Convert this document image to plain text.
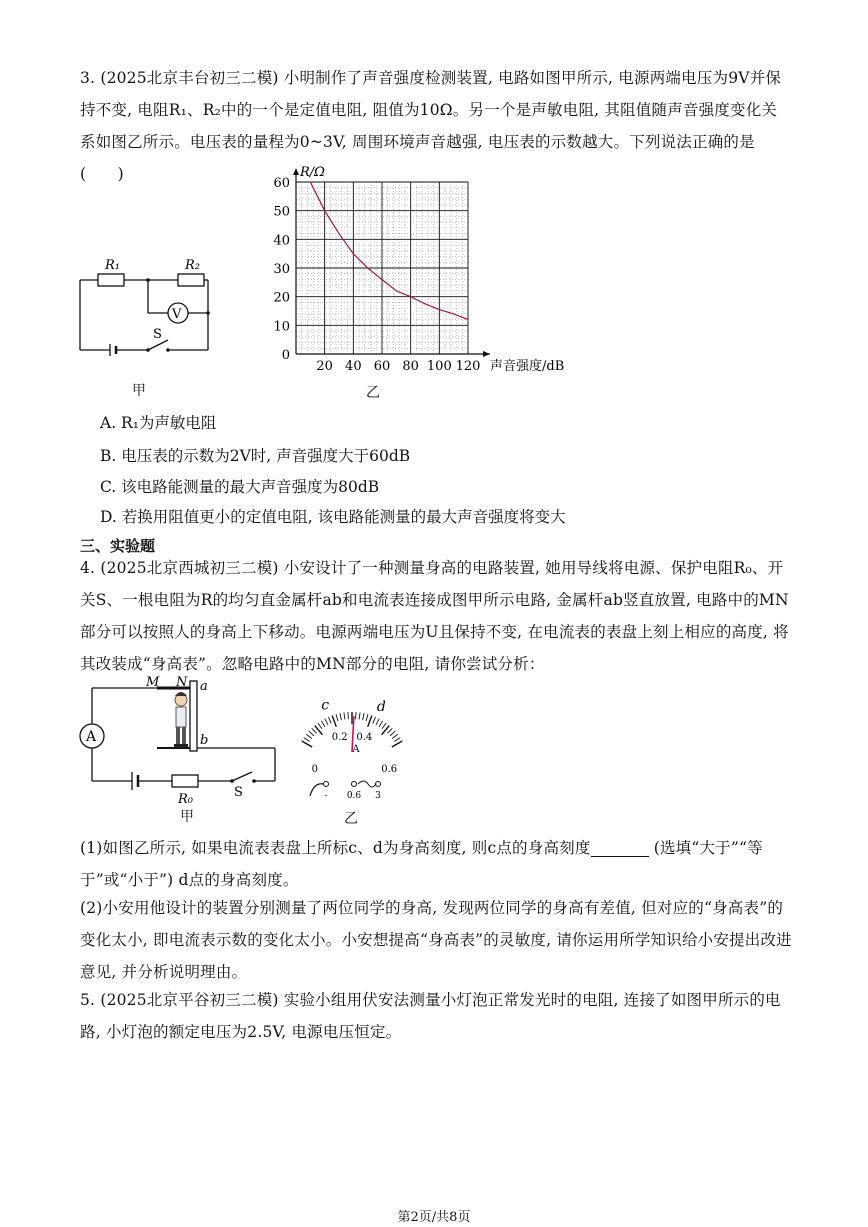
3. (2025北京丰台初三二模) 小明制作了声音强度检测装置, 电路如图甲所示, 电源两端电压为9V并保持不变, 电阻R₁、R₂中的一个是定值电阻, 阻值为10Ω。另一个是声敏电阻, 其阻值随声音强度变化关系如图乙所示。电压表的量程为0~3V, 周围环境声音越强, 电压表的示数越大。下列说法正确的是 (　　)
R₁	R₂
V
S
甲
R/Ω
声音强度/dB
20 40 60 80 100 120
0
10
20
30
40
50
60
乙
A. R₁为声敏电阻
B. 电压表的示数为2V时, 声音强度大于60dB
C. 该电路能测量的最大声音强度为80dB
D. 若换用阻值更小的定值电阻, 该电路能测量的最大声音强度将变大
三、实验题
4. (2025北京西城初三二模) 小安设计了一种测量身高的电路装置, 她用导线将电源、保护电阻R₀、开关S、一根电阻为R的均匀直金属杆ab和电流表连接成图甲所示电路, 金属杆ab竖直放置, 电路中的MN部分可以按照人的身高上下移动。电源两端电压为U且保持不变, 在电流表的表盘上刻上相应的高度, 将其改装成“身高表”。忽略电路中的MN部分的电阻, 请你尝试分析：
A
M N a
b
R₀	S
甲
0
0.2 0.4
0.6
c	d
A
- 0.6 3
乙
(1)如图乙所示, 如果电流表表盘上所标c、d为身高刻度, 则c点的身高刻度	(选填“大于”“等于”或“小于”) d点的身高刻度。
(2)小安用他设计的装置分别测量了两位同学的身高, 发现两位同学的身高有差值, 但对应的“身高表”的变化太小, 即电流表示数的变化太小。小安想提高“身高表”的灵敏度, 请你运用所学知识给小安提出改进意见, 并分析说明理由。
5. (2025北京平谷初三二模) 实验小组用伏安法测量小灯泡正常发光时的电阻, 连接了如图甲所示的电路, 小灯泡的额定电压为2.5V, 电源电压恒定。
第2页/共8页
